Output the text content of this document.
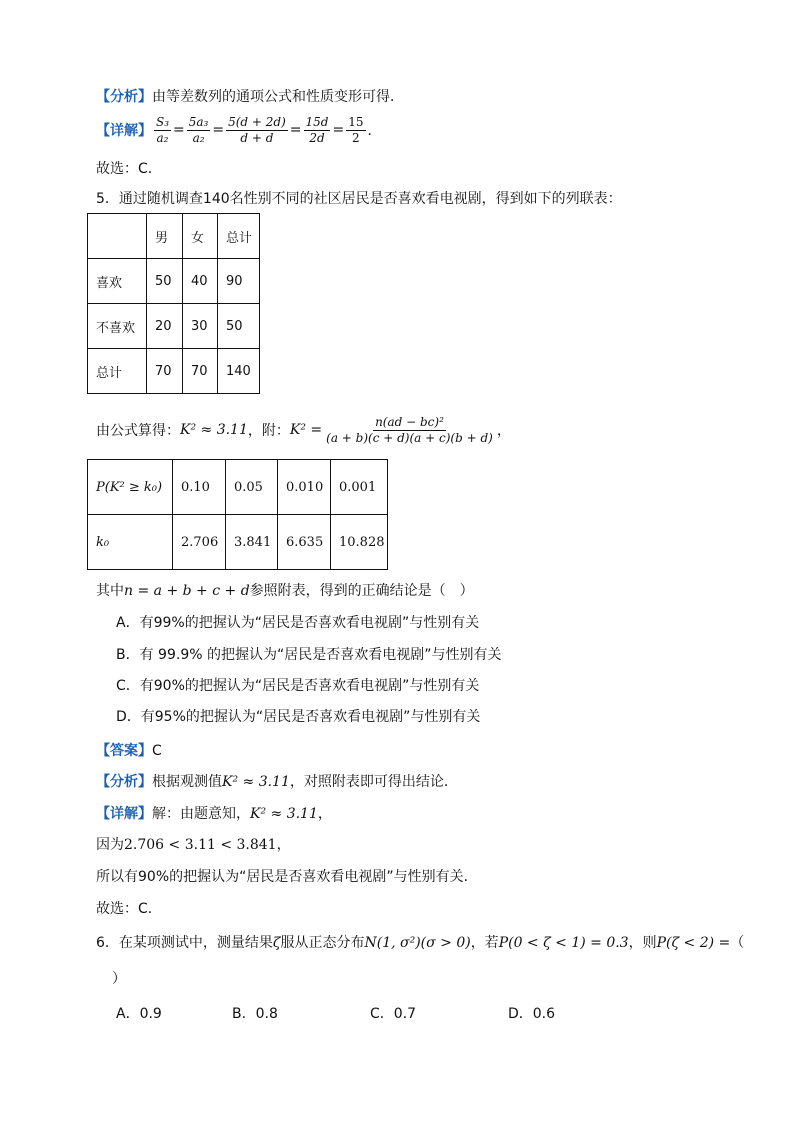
【分析】由等差数列的通项公式和性质变形可得．
【详解】 $\frac{\text{S₃}}{\text{a₂}} = \frac{\text{5a₃}}{\text{a₂}} = \frac{5(d + 2d)}{d + d} = \frac{15d}{2d} = \frac{15}{2}$ ．
故选：C．
5．通过随机调查140名性别不同的社区居民是否喜欢看电视剧，得到如下的列联表：
	男	女	总计
喜欢	50	40	90
不喜欢	20	30	50
总计	70	70	140
由公式算得： K² ≈ 3.11 ，附： $K^2 = \frac{\text{n(ad − bc)²}}{(a + b)(c + d)(a + c)(b + d)}$ ，
P(K² ≥ k₀)	0.10	0.05	0.010	0.001
k₀	2.706	3.841	6.635	10.828
其中n = a + b + c + d参照附表，得到的正确结论是（　）
A．有99%的把握认为“居民是否喜欢看电视剧”与性别有关
B．有 99.9% 的把握认为“居民是否喜欢看电视剧”与性别有关
C．有90%的把握认为“居民是否喜欢看电视剧”与性别有关
D．有95%的把握认为“居民是否喜欢看电视剧”与性别有关
【答案】C
【分析】根据观测值K² ≈ 3.11，对照附表即可得出结论．
【详解】解：由题意知，K² ≈ 3.11，
因为2.706 < 3.11 < 3.841，
所以有90%的把握认为“居民是否喜欢看电视剧”与性别有关．
故选：C．
6．在某项测试中，测量结果ζ服从正态分布N(1, σ²)(σ > 0)，若P(0 < ζ < 1) = 0.3，则P(ζ < 2) =（
）
A．0.9	B．0.8	C．0.7	D．0.6
